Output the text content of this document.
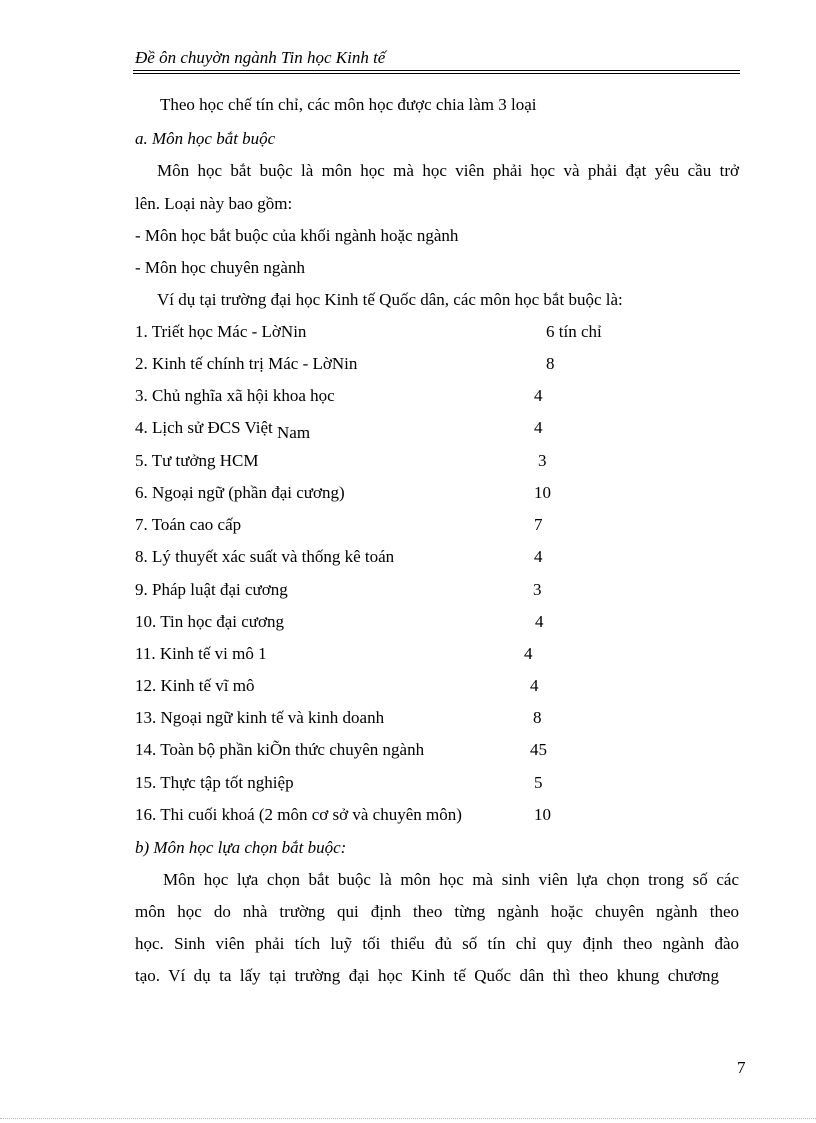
Đề ôn chuyờn ngành Tin học Kinh tế
Theo học chế tín chỉ, các môn học được chia làm 3 loại
a. Môn học bắt buộc
Môn học bắt buộc là môn học mà học viên phải học và phải đạt yêu cầu trở
lên. Loại này bao gồm:
- Môn học bắt buộc của khối ngành hoặc ngành
- Môn học chuyên ngành
Ví dụ tại trường đại học Kinh tế Quốc dân, các môn học bắt buộc là:
1. Triết học Mác - LờNin	6 tín chỉ
2. Kinh tế chính trị Mác - LờNin	8
3. Chủ nghĩa xã hội khoa học	4
4. Lịch sử ĐCS Việt Nam	4
5. Tư tưởng HCM	3
6. Ngoại ngữ (phần đại cương)	10
7. Toán cao cấp	7
8. Lý thuyết xác suất và thống kê toán	4
9. Pháp luật đại cương	3
10. Tin học đại cương	4
11. Kinh tế vi mô 1	4
12. Kinh tế vĩ mô	4
13. Ngoại ngữ kinh tế và kinh doanh	8
14. Toàn bộ phần kiÕn thức chuyên ngành	45
15. Thực tập tốt nghiệp	5
16. Thi cuối khoá (2 môn cơ sở và chuyên môn)	10
b) Môn học lựa chọn bắt buộc:
Môn học lựa chọn bắt buộc là môn học mà sinh viên lựa chọn trong số các
môn học do nhà trường qui định theo từng ngành hoặc chuyên ngành theo
học. Sinh viên phải tích luỹ tối thiểu đủ số tín chỉ quy định theo ngành đào
tạo. Ví dụ ta lấy tại trường đại học Kinh tế Quốc dân thì theo khung chương
7
